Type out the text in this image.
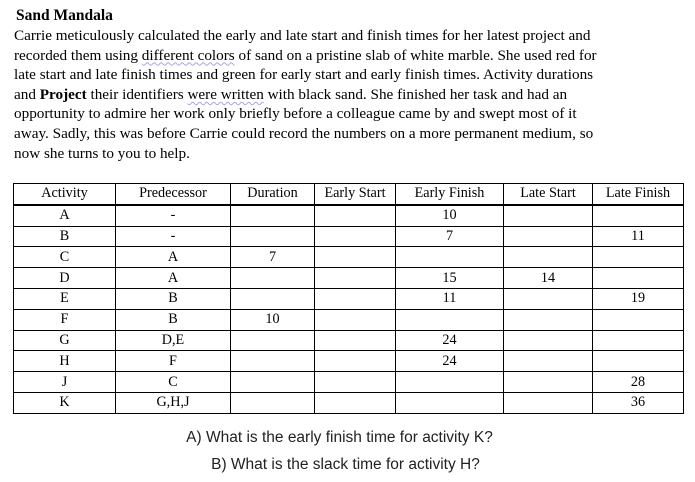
Sand Mandala
Carrie meticulously calculated the early and late start and finish times for her latest project and
recorded them using different colors of sand on a pristine slab of white marble. She used red for
late start and late finish times and green for early start and early finish times. Activity durations
and Project their identifiers were written with black sand. She finished her task and had an
opportunity to admire her work only briefly before a colleague came by and swept most of it
away. Sadly, this was before Carrie could record the numbers on a more permanent medium, so
now she turns to you to help.
Activity	Predecessor	Duration	Early Start	Early Finish	Late Start	Late Finish
A	-			10		
B	-			7		11
C	A	7				
D	A			15	14	
E	B			11		19
F	B	10				
G	D,E			24		
H	F			24		
J	C					28
K	G,H,J					36
A) What is the early finish time for activity K?
B) What is the slack time for activity H?
